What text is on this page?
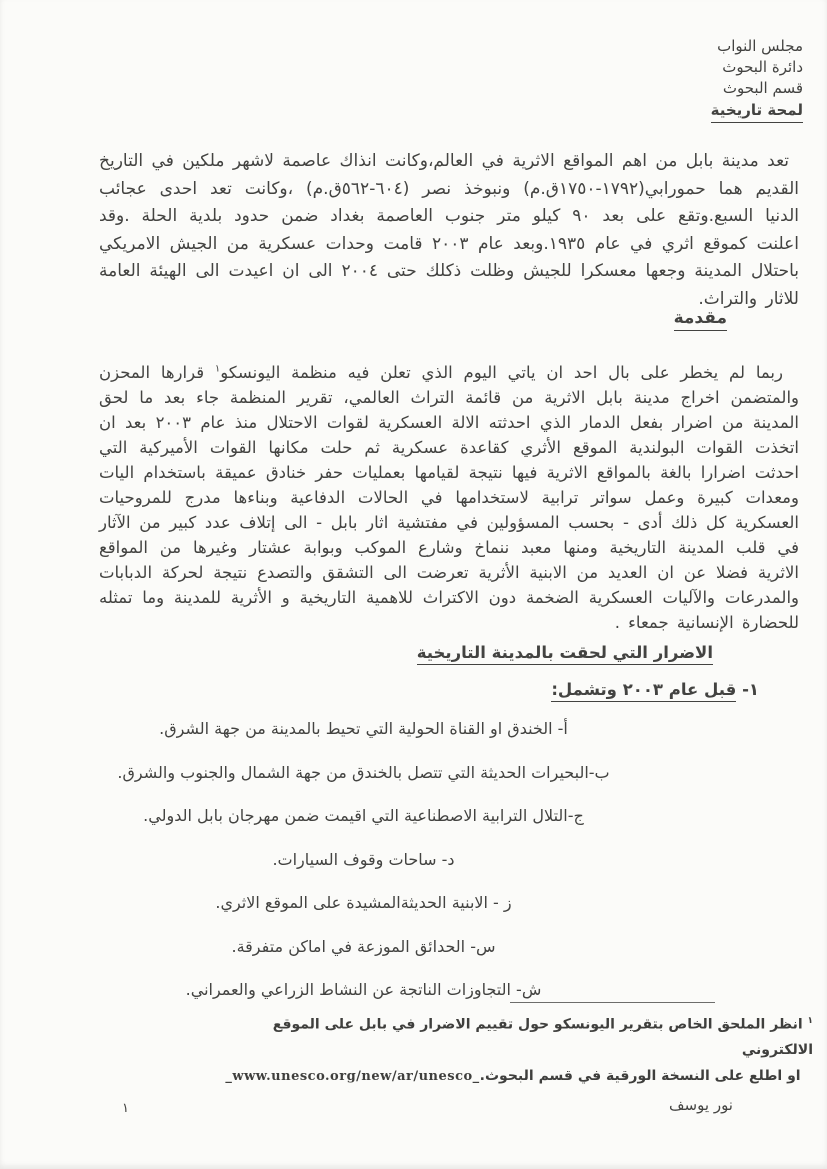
مجلس النواب
دائرة البحوث
قسم البحوث
لمحة تاريخية

تعد مدينة بابل من اهم المواقع الاثرية في العالم،وكانت انذاك عاصمة لاشهر ملكين في التاريخ القديم هما حمورابي(١٧٩٢-١٧٥٠ق.م) ونبوخذ نصر (٦٠٤-٥٦٢ق.م) ،وكانت تعد احدى عجائب الدنيا السبع.وتقع على بعد ٩٠ كيلو متر جنوب العاصمة بغداد ضمن حدود بلدية الحلة .وقد اعلنت كموقع اثري في عام ١٩٣٥.وبعد عام ٢٠٠٣ قامت وحدات عسكرية من الجيش الامريكي باحتلال المدينة وجعها معسكرا للجيش وظلت ذكلك حتى ٢٠٠٤ الى ان اعيدت الى الهيئة العامة للاثار والتراث.

مقدمة

ربما لم يخطر على بال احد ان ياتي اليوم الذي تعلن فيه منظمة اليونسكو$^١$ قرارها المحزن والمتضمن اخراج مدينة بابل الاثرية من قائمة التراث العالمي، تقرير المنظمة جاء بعد ما لحق المدينة من اضرار بفعل الدمار الذي احدثته الالة العسكرية لقوات الاحتلال منذ عام ٢٠٠٣ بعد ان اتخذت القوات البولندية الموقع الأثري كقاعدة عسكرية ثم حلت مكانها القوات الأميركية التي احدثت اضرارا بالغة بالمواقع الاثرية فيها نتيجة لقيامها بعمليات حفر خنادق عميقة باستخدام اليات ومعدات كبيرة وعمل سواتر ترابية لاستخدامها في الحالات الدفاعية وبناءها مدرج للمروحيات العسكرية كل ذلك أدى - بحسب المسؤولين في مفتشية اثار بابل - الى إتلاف عدد كبير من الآثار في قلب المدينة التاريخية ومنها معبد ننماخ وشارع الموكب وبوابة عشتار وغيرها من المواقع الاثرية فضلا عن ان العديد من الابنية الأثرية تعرضت الى التشقق والتصدع نتيجة لحركة الدبابات والمدرعات والآليات العسكرية الضخمة دون الاكتراث للاهمية التاريخية و الأثرية للمدينة وما تمثله للحضارة الإنسانية جمعاء .

الاضرار التي لحقت بالمدينة التاريخية
١- قبل عام ٢٠٠٣ وتشمل:
أ- الخندق او القناة الحولية التي تحيط بالمدينة من جهة الشرق.
ب-البحيرات الحديثة التي تتصل بالخندق من جهة الشمال والجنوب والشرق.
ج-التلال الترابية الاصطناعية التي اقيمت ضمن مهرجان بابل الدولي.
د- ساحات وقوف السيارات.
ز - الابنية الحديثةالمشيدة على الموقع الاثري.
س- الحدائق الموزعة في اماكن متفرقة.
ش- التجاوزات الناتجة عن النشاط الزراعي والعمراني.
$^١$ انظر الملحق الخاص بتقرير اليونسكو حول تقييم الاضرار في بابل على الموقع الالكتروني
_www.unesco.org/new/ar/unesco_او اطلع على النسخة الورقية في قسم البحوث.
نور يوسف
١
